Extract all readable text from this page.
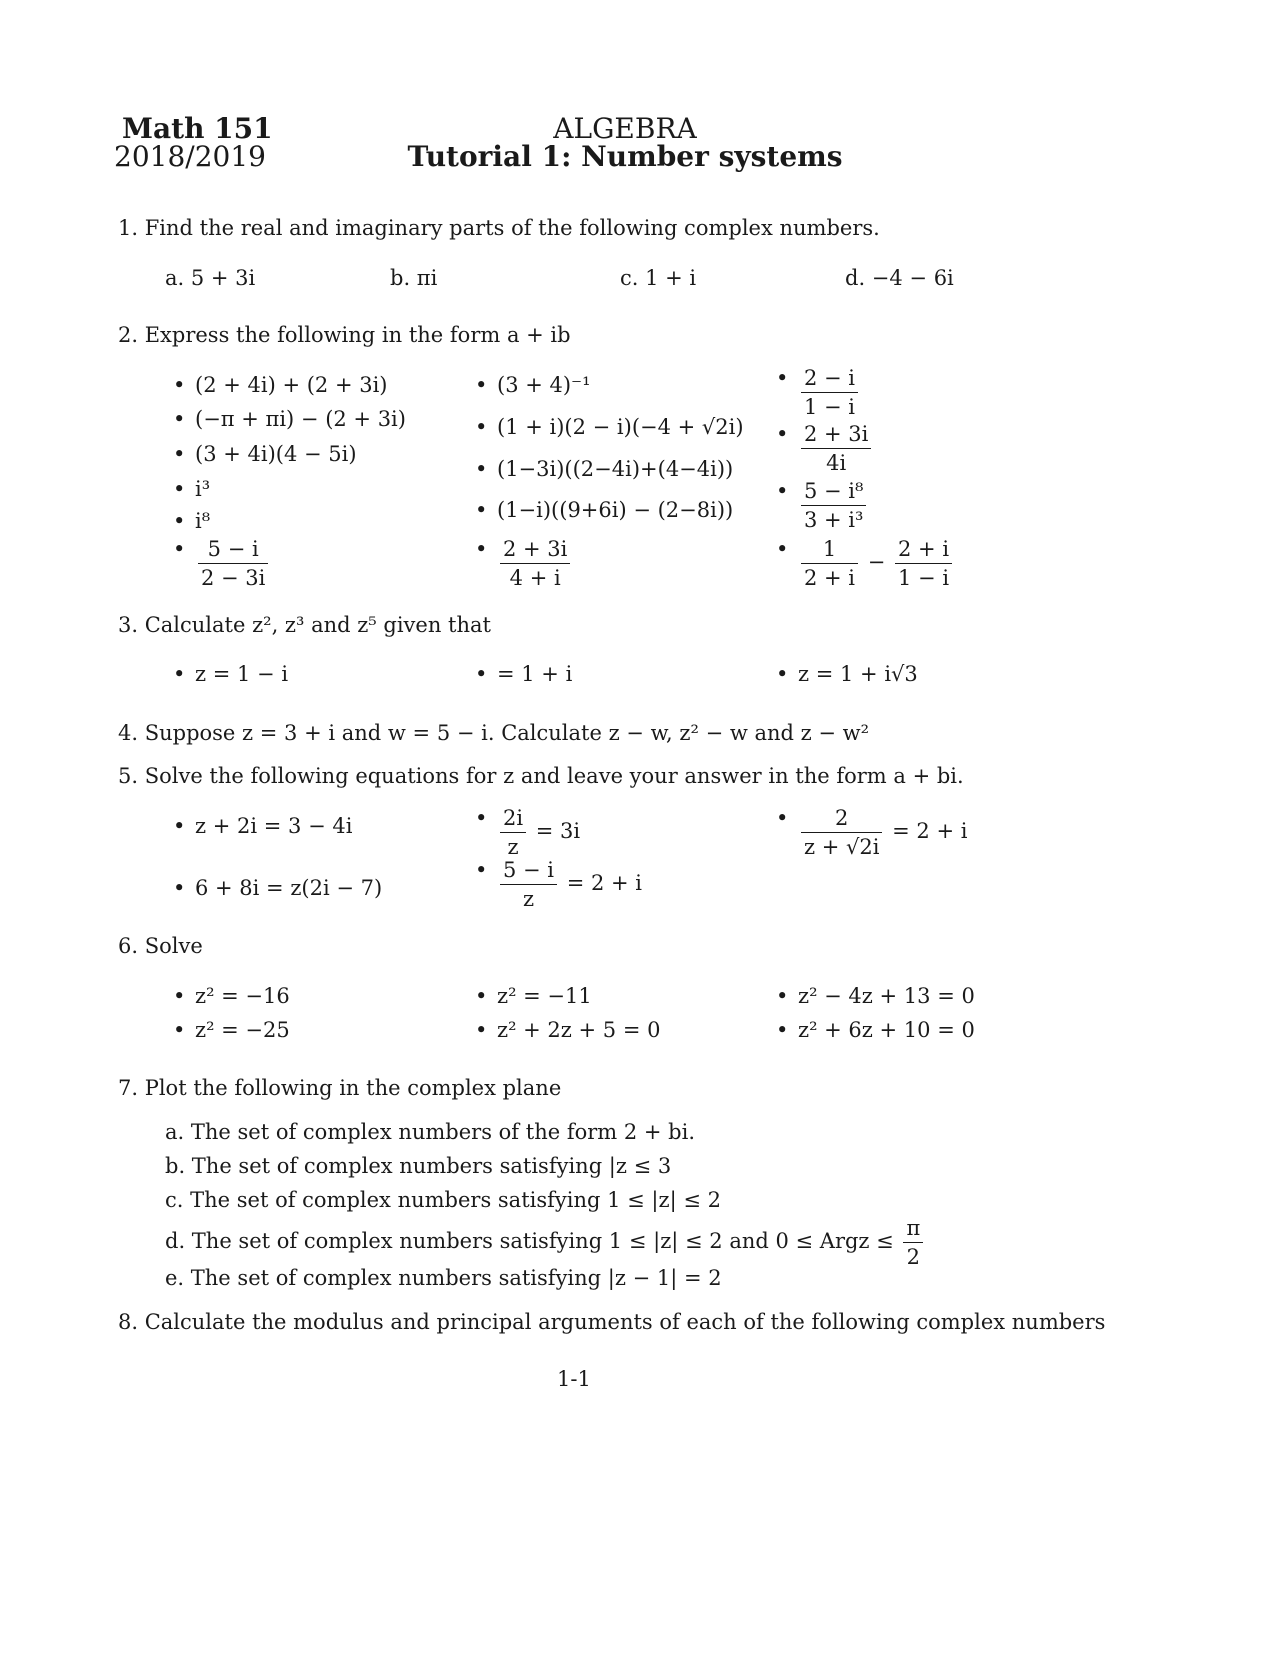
Math 151
2018/2019
ALGEBRA
Tutorial 1: Number systems
1. Find the real and imaginary parts of the following complex numbers.
a. 5 + 3i	b. πi	c. 1 + i	d. −4 − 6i
2. Express the following in the form a + ib
• (2 + 4i) + (2 + 3i)
• (−π + πi) − (2 + 3i)
• (3 + 4i)(4 − 5i)
• i³
• i⁸
• $\frac{5 - i}{2 - 3i}$
• (3 + 4)⁻¹
• (1 + i)(2 − i)(−4 + √2i)
• (1−3i)((2−4i)+(4−4i))
• (1−i)((9+6i) − (2−8i))
• $\frac{2 + 3i}{4 + i}$
• $\frac{2 - i}{1 - i}$
• $\frac{2 + 3i}{4i}$
• $\frac{\text{5 − i⁸}}{\text{3 + i³}}$
• $\frac{1}{2 + i} - \frac{2 + i}{1 - i}$
3. Calculate z², z³ and z⁵ given that
• z = 1 − i	• = 1 + i	• z = 1 + i√3
4. Suppose z = 3 + i and w = 5 − i. Calculate z − w, z² − w and z − w²
5. Solve the following equations for z and leave your answer in the form a + bi.
• z + 2i = 3 − 4i
• 6 + 8i = z(2i − 7)
• $\frac{2i}{z} = 3i$
• $\frac{5 - i}{z} = 2 + i$
• $\frac{2}{z + √2i} = 2 + i$
6. Solve
• z² = −16
• z² = −25
• z² = −11
• z² + 2z + 5 = 0
• z² − 4z + 13 = 0
• z² + 6z + 10 = 0
7. Plot the following in the complex plane
a. The set of complex numbers of the form 2 + bi.
b. The set of complex numbers satisfying |z ≤ 3
c. The set of complex numbers satisfying 1 ≤ |z| ≤ 2
d. The set of complex numbers satisfying 1 ≤ |z| ≤ 2 and 0 ≤ Argz ≤ $\frac{\pi}{2}$
e. The set of complex numbers satisfying |z − 1| = 2
8. Calculate the modulus and principal arguments of each of the following complex numbers
1-1
